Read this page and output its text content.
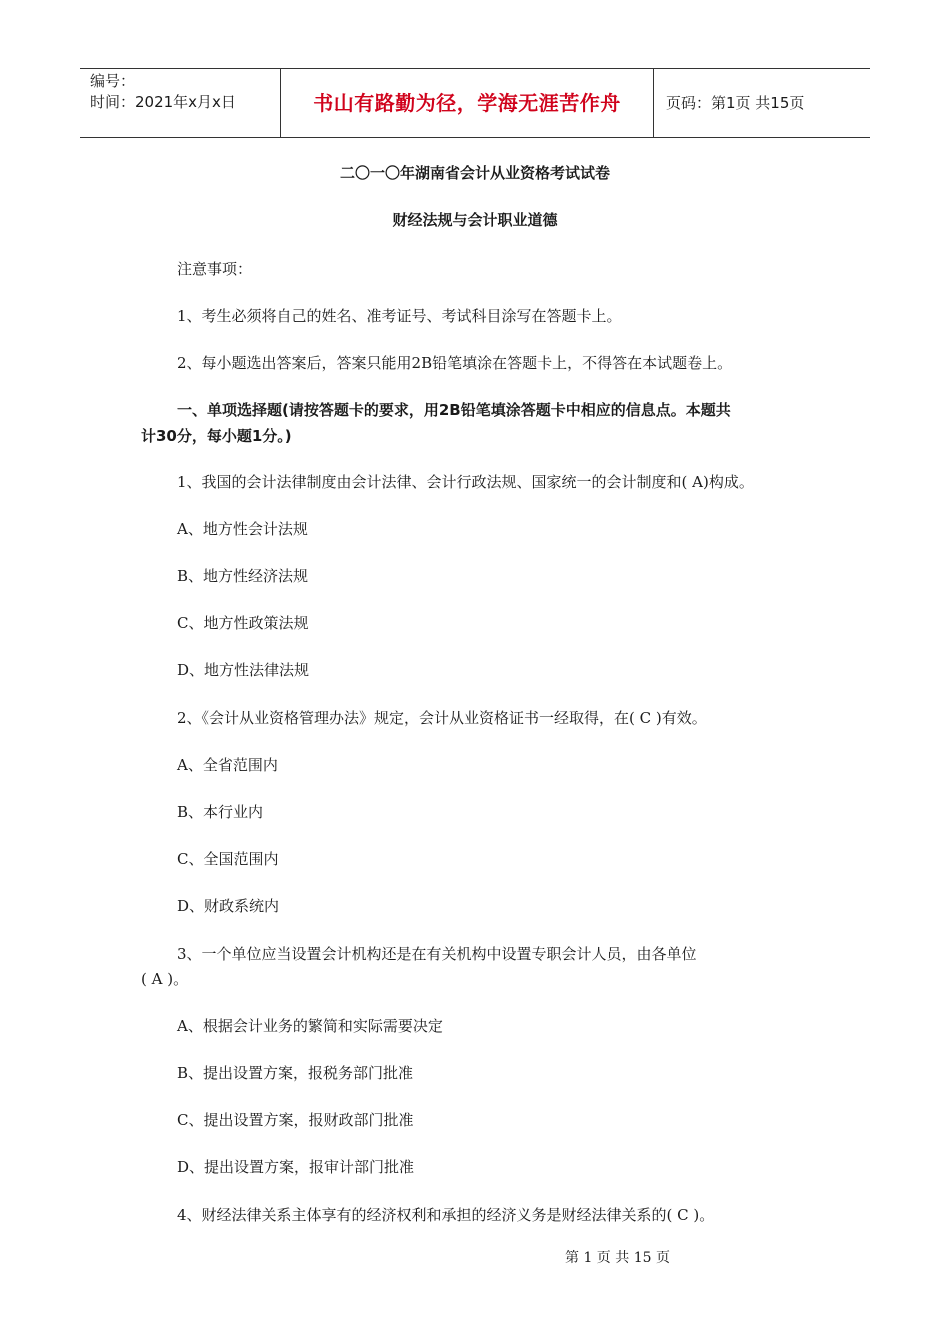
编号：
时间：2021年x月x日	书山有路勤为径，学海无涯苦作舟	页码：第1页 共15页
二〇一〇年湖南省会计从业资格考试试卷
财经法规与会计职业道德
注意事项：
1、考生必须将自己的姓名、准考证号、考试科目涂写在答题卡上。
2、每小题选出答案后，答案只能用2B铅笔填涂在答题卡上，不得答在本试题卷上。
一、单项选择题(请按答题卡的要求，用2B铅笔填涂答题卡中相应的信息点。本题共
计30分，每小题1分。)
1、我国的会计法律制度由会计法律、会计行政法规、国家统一的会计制度和( A)构成。
A、地方性会计法规
B、地方性经济法规
C、地方性政策法规
D、地方性法律法规
2、《会计从业资格管理办法》规定，会计从业资格证书一经取得，在( C )有效。
A、全省范围内
B、本行业内
C、全国范围内
D、财政系统内
3、一个单位应当设置会计机构还是在有关机构中设置专职会计人员，由各单位
( A )。
A、根据会计业务的繁简和实际需要决定
B、提出设置方案，报税务部门批准
C、提出设置方案，报财政部门批准
D、提出设置方案，报审计部门批准
4、财经法律关系主体享有的经济权利和承担的经济义务是财经法律关系的( C )。
第 1 页 共 15 页
